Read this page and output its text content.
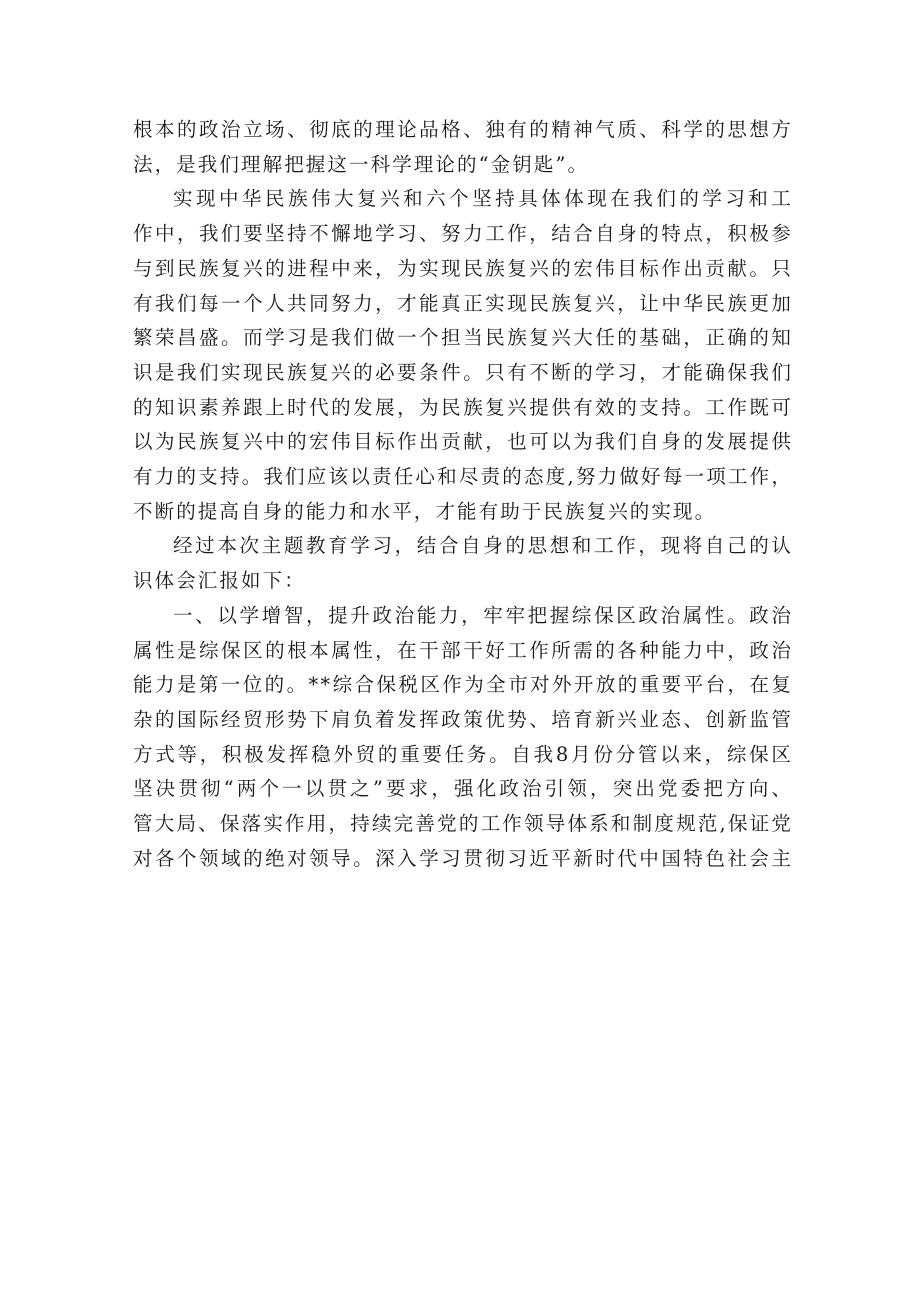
根本的政治立场、彻底的理论品格、独有的精神气质、科学的思想方
法，是我们理解把握这一科学理论的“金钥匙”。

实现中华民族伟大复兴和六个坚持具体体现在我们的学习和工
作中，我们要坚持不懈地学习、努力工作，结合自身的特点，积极参
与到民族复兴的进程中来，为实现民族复兴的宏伟目标作出贡献。只
有我们每一个人共同努力，才能真正实现民族复兴，让中华民族更加
繁荣昌盛。而学习是我们做一个担当民族复兴大任的基础，正确的知
识是我们实现民族复兴的必要条件。只有不断的学习，才能确保我们
的知识素养跟上时代的发展，为民族复兴提供有效的支持。工作既可
以为民族复兴中的宏伟目标作出贡献，也可以为我们自身的发展提供
有力的支持。我们应该以责任心和尽责的态度,努力做好每一项工作，
不断的提高自身的能力和水平，才能有助于民族复兴的实现。

经过本次主题教育学习，结合自身的思想和工作，现将自己的认
识体会汇报如下：

一、以学增智，提升政治能力，牢牢把握综保区政治属性。政治
属性是综保区的根本属性，在干部干好工作所需的各种能力中，政治
能力是第一位的。**综合保税区作为全市对外开放的重要平台，在复
杂的国际经贸形势下肩负着发挥政策优势、培育新兴业态、创新监管
方式等，积极发挥稳外贸的重要任务。自我8月份分管以来，综保区
坚决贯彻“两个一以贯之”要求，强化政治引领，突出党委把方向、
管大局、保落实作用，持续完善党的工作领导体系和制度规范,保证党
对各个领域的绝对领导。深入学习贯彻习近平新时代中国特色社会主
